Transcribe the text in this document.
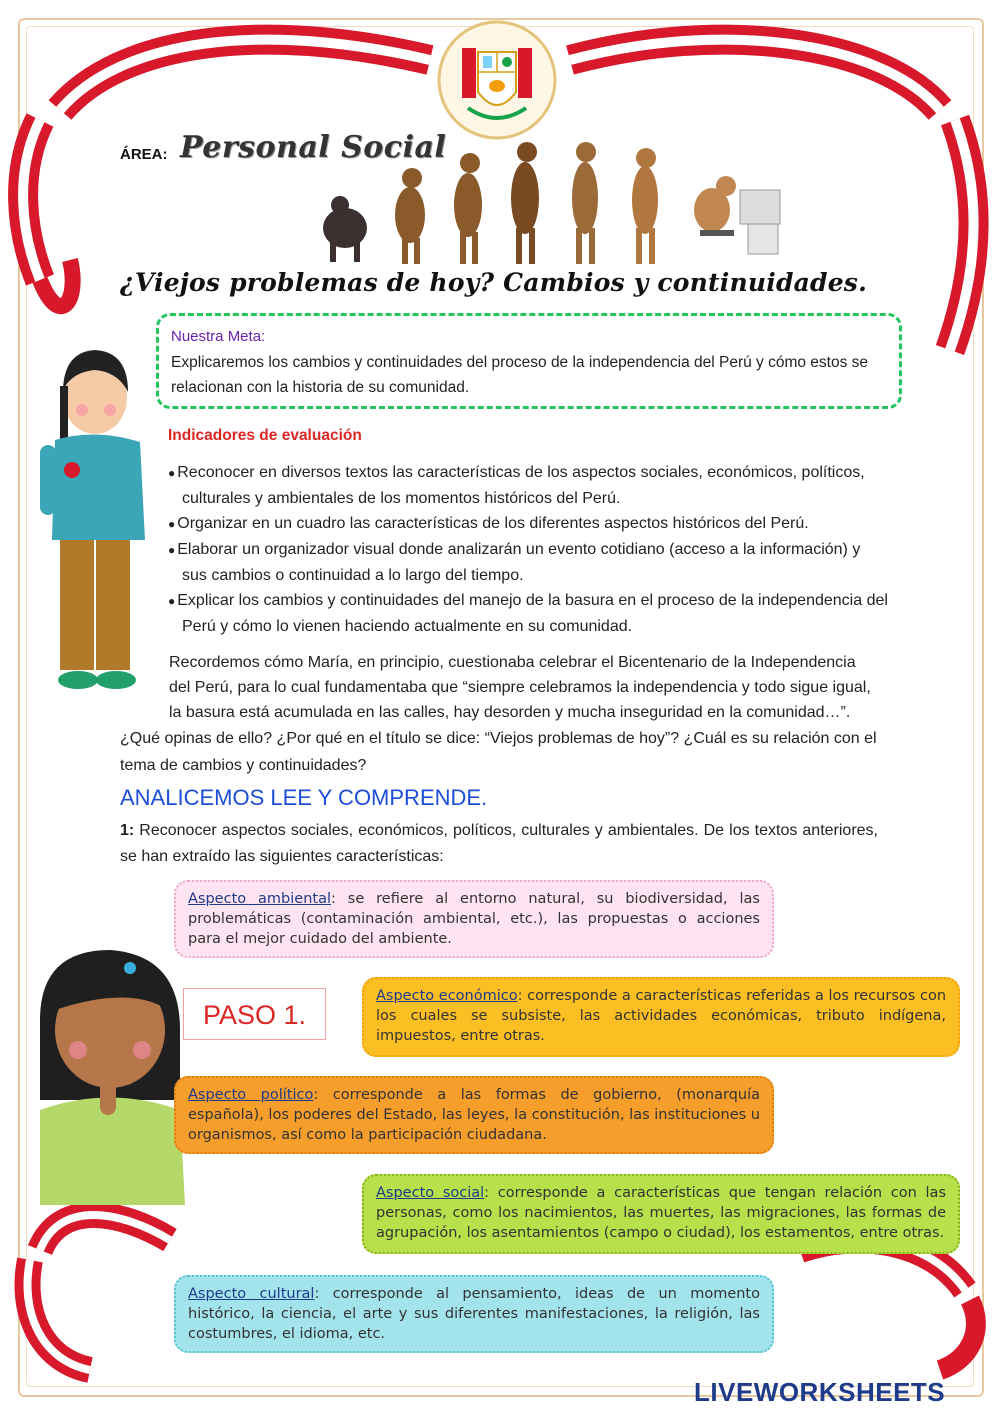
ÁREA: Personal Social
¿Viejos problemas de hoy? Cambios y continuidades.
Nuestra Meta:
Explicaremos los cambios y continuidades del proceso de la independencia del Perú y cómo estos se relacionan con la historia de su comunidad.
Indicadores de evaluación
● Reconocer en diversos textos las características de los aspectos sociales, económicos, políticos, culturales y ambientales de los momentos históricos del Perú.
● Organizar en un cuadro las características de los diferentes aspectos históricos del Perú.
● Elaborar un organizador visual donde analizarán un evento cotidiano (acceso a la información) y sus cambios o continuidad a lo largo del tiempo.
● Explicar los cambios y continuidades del manejo de la basura en el proceso de la independencia del Perú y cómo lo vienen haciendo actualmente en su comunidad.
Recordemos cómo María, en principio, cuestionaba celebrar el Bicentenario de la Independencia del Perú, para lo cual fundamentaba que “siempre celebramos la independencia y todo sigue igual, la basura está acumulada en las calles, hay desorden y mucha inseguridad en la comunidad…”.
¿Qué opinas de ello? ¿Por qué en el título se dice: “Viejos problemas de hoy”? ¿Cuál es su relación con el tema de cambios y continuidades?
ANALICEMOS LEE Y COMPRENDE.
1: Reconocer aspectos sociales, económicos, políticos, culturales y ambientales. De los textos anteriores, se han extraído las siguientes características:
PASO 1.
Aspecto ambiental: se refiere al entorno natural, su biodiversidad, las problemáticas (contaminación ambiental, etc.), las propuestas o acciones para el mejor cuidado del ambiente.
Aspecto económico: corresponde a características referidas a los recursos con los cuales se subsiste, las actividades económicas, tributo indígena, impuestos, entre otras.
Aspecto político: corresponde a las formas de gobierno, (monarquía española), los poderes del Estado, las leyes, la constitución, las instituciones u organismos, así como la participación ciudadana.
Aspecto social: corresponde a características que tengan relación con las personas, como los nacimientos, las muertes, las migraciones, las formas de agrupación, los asentamientos (campo o ciudad), los estamentos, entre otras.
Aspecto cultural: corresponde al pensamiento, ideas de un momento histórico, la ciencia, el arte y sus diferentes manifestaciones, la religión, las costumbres, el idioma, etc.
LIVEWORKSHEETS
